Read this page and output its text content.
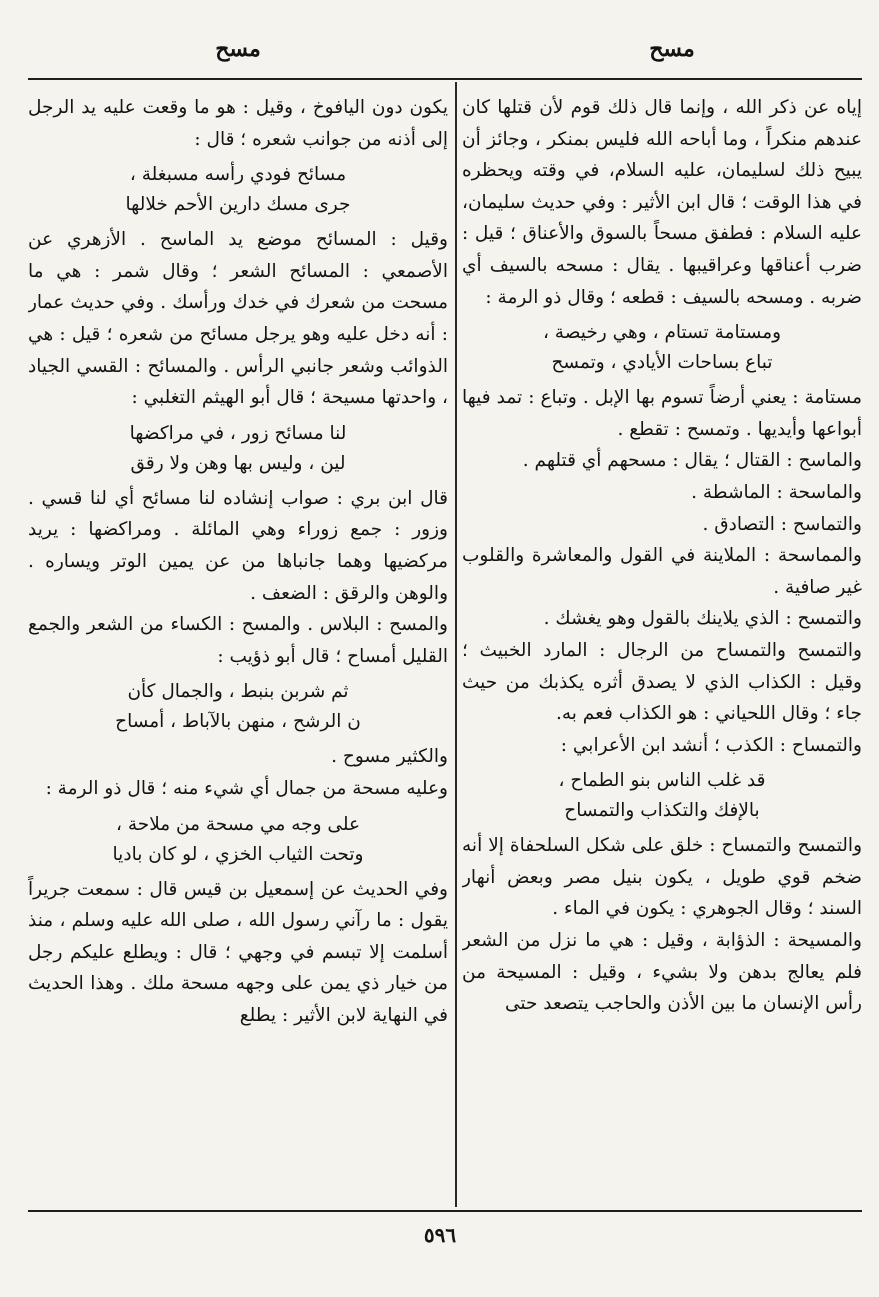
مسح
مسح

إياه عن ذكر الله ، وإنما قال ذلك قوم لأن قتلها كان عندهم منكراً ، وما أباحه الله فليس بمنكر ، وجائز أن يبيح ذلك لسليمان، عليه السلام، في وقته ويحظره في هذا الوقت ؛ قال ابن الأثير : وفي حديث سليمان، عليه السلام : فطفق مسحاً بالسوق والأعناق ؛ قيل : ضرب أعناقها وعراقيبها . يقال : مسحه بالسيف أي ضربه . ومسحه بالسيف : قطعه ؛ وقال ذو الرمة :

ومستامة تستام ، وهي رخيصة ،
تباع بساحات الأيادي ، وتمسح

مستامة : يعني أرضاً تسوم بها الإبل . وتباع : تمد فيها أبواعها وأيديها . وتمسح : تقطع .

والماسح : القتال ؛ يقال : مسحهم أي قتلهم .

والماسحة : الماشطة .

والتماسح : التصادق .

والمماسحة : الملاينة في القول والمعاشرة والقلوب غير صافية .

والتمسح : الذي يلاينك بالقول وهو يغشك .

والتمسح والتمساح من الرجال : المارد الخبيث ؛ وقيل : الكذاب الذي لا يصدق أثره يكذبك من حيث جاء ؛ وقال اللحياني : هو الكذاب فعم به.

والتمساح : الكذب ؛ أنشد ابن الأعرابي :

قد غلب الناس بنو الطماح ،
بالإفك والتكذاب والتمساح

والتمسح والتمساح : خلق على شكل السلحفاة إلا أنه ضخم قوي طويل ، يكون بنيل مصر وبعض أنهار السند ؛ وقال الجوهري : يكون في الماء .

والمسيحة : الذؤابة ، وقيل : هي ما نزل من الشعر فلم يعالج بدهن ولا بشيء ، وقيل : المسيحة من رأس الإنسان ما بين الأذن والحاجب يتصعد حتى

يكون دون اليافوخ ، وقيل : هو ما وقعت عليه يد الرجل إلى أذنه من جوانب شعره ؛ قال :

مسائح فودي رأسه مسبغلة ،
جرى مسك دارين الأحم خلالها

وقيل : المسائح موضع يد الماسح . الأزهري عن الأصمعي : المسائح الشعر ؛ وقال شمر : هي ما مسحت من شعرك في خدك ورأسك . وفي حديث عمار : أنه دخل عليه وهو يرجل مسائح من شعره ؛ قيل : هي الذوائب وشعر جانبي الرأس . والمسائح : القسي الجياد ، واحدتها مسيحة ؛ قال أبو الهيثم التغلبي :

لنا مسائح زور ، في مراكضها
لين ، وليس بها وهن ولا رقق

قال ابن بري : صواب إنشاده لنا مسائح أي لنا قسي . وزور : جمع زوراء وهي المائلة . ومراكضها : يريد مركضيها وهما جانباها من عن يمين الوتر ويساره . والوهن والرقق : الضعف .

والمسح : البلاس . والمسح : الكساء من الشعر والجمع القليل أمساح ؛ قال أبو ذؤيب :

ثم شربن بنبط ، والجمال كأن
ن الرشح ، منهن بالآباط ، أمساح

والكثير مسوح .

وعليه مسحة من جمال أي شيء منه ؛ قال ذو الرمة :

على وجه مي مسحة من ملاحة ،
وتحت الثياب الخزي ، لو كان باديا

وفي الحديث عن إسمعيل بن قيس قال : سمعت جريراً يقول : ما رآني رسول الله ، صلى الله عليه وسلم ، منذ أسلمت إلا تبسم في وجهي ؛ قال : ويطلع عليكم رجل من خيار ذي يمن على وجهه مسحة ملك . وهذا الحديث في النهاية لابن الأثير : يطلع

٥٩٦
